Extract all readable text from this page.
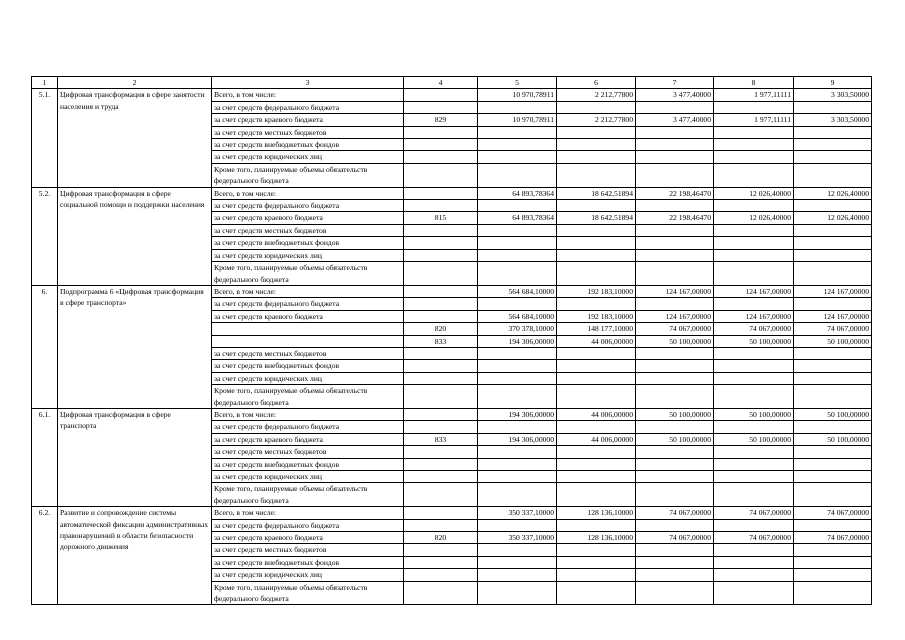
1	2	3	4	5	6	7	8	9
5.1.	Цифровая трансформация в сфере занятости населения и труда	Всего, в том числе:		10 970,78911	2 212,77800	3 477,40000	1 977,11111	3 303,50000
		за счет средств федерального бюджета						
		за счет средств краевого бюджета	829	10 970,78911	2 212,77800	3 477,40000	1 977,11111	3 303,50000
		за счет средств местных бюджетов						
		за счет средств внебюджетных фондов						
		за счет средств юридических лиц						
		Кроме того, планируемые объемы обязательств федерального бюджета						
5.2.	Цифровая трансформация в сфере социальной помощи и поддержки населения	Всего, в том числе:		64 893,78364	18 642,51894	22 198,46470	12 026,40000	12 026,40000
		за счет средств федерального бюджета						
		за счет средств краевого бюджета	815	64 893,78364	18 642,51894	22 198,46470	12 026,40000	12 026,40000
		за счет средств местных бюджетов						
		за счет средств внебюджетных фондов						
		за счет средств юридических лиц						
		Кроме того, планируемые объемы обязательств федерального бюджета						
6.	Подпрограмма 6 «Цифровая трансформация в сфере транспорта»	Всего, в том числе:		564 684,10000	192 183,10000	124 167,00000	124 167,00000	124 167,00000
		за счет средств федерального бюджета						
		за счет средств краевого бюджета		564 684,10000	192 183,10000	124 167,00000	124 167,00000	124 167,00000
			820	370 378,10000	148 177,10000	74 067,00000	74 067,00000	74 067,00000
			833	194 306,00000	44 006,00000	50 100,00000	50 100,00000	50 100,00000
		за счет средств местных бюджетов						
		за счет средств внебюджетных фондов						
		за счет средств юридических лиц						
		Кроме того, планируемые объемы обязательств федерального бюджета						
6.1.	Цифровая трансформация в сфере транспорта	Всего, в том числе:		194 306,00000	44 006,00000	50 100,00000	50 100,00000	50 100,00000
		за счет средств федерального бюджета						
		за счет средств краевого бюджета	833	194 306,00000	44 006,00000	50 100,00000	50 100,00000	50 100,00000
		за счет средств местных бюджетов						
		за счет средств внебюджетных фондов						
		за счет средств юридических лиц						
		Кроме того, планируемые объемы обязательств федерального бюджета						
6.2.	Развитие и сопровождение системы автоматической фиксации административных правонарушений в области безопасности дорожного движения	Всего, в том числе:		350 337,10000	128 136,10000	74 067,00000	74 067,00000	74 067,00000
		за счет средств федерального бюджета						
		за счет средств краевого бюджета	820	350 337,10000	128 136,10000	74 067,00000	74 067,00000	74 067,00000
		за счет средств местных бюджетов						
		за счет средств внебюджетных фондов						
		за счет средств юридических лиц						
		Кроме того, планируемые объемы обязательств федерального бюджета						
